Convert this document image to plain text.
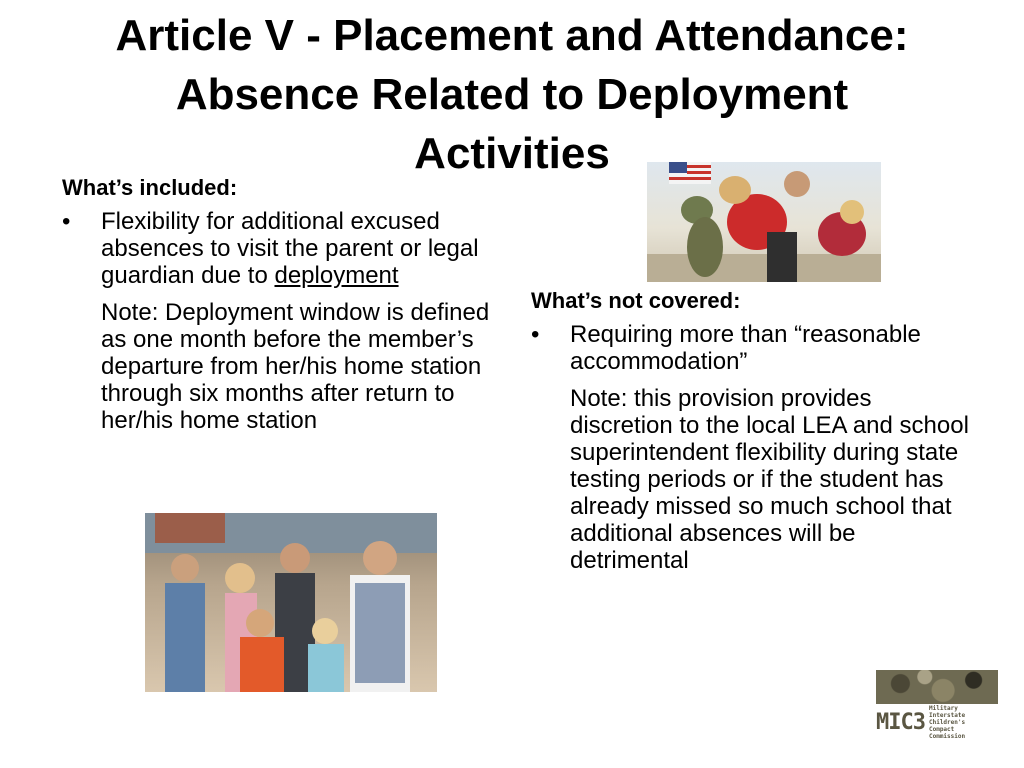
Article V - Placement and Attendance:
Absence Related to Deployment
Activities

What’s included:

• Flexibility for additional excused absences to visit the parent or legal guardian due to deployment
Note: Deployment window is defined as one month before the member’s departure from her/his home station through six months after return to her/his home station

What’s not covered:

• Requiring more than “reasonable accommodation”
Note: this provision provides discretion to the local LEA and school superintendent flexibility during state testing periods or if the student has already missed so much school that additional absences will be detrimental
MIC3
Military Interstate Children's Compact Commission
